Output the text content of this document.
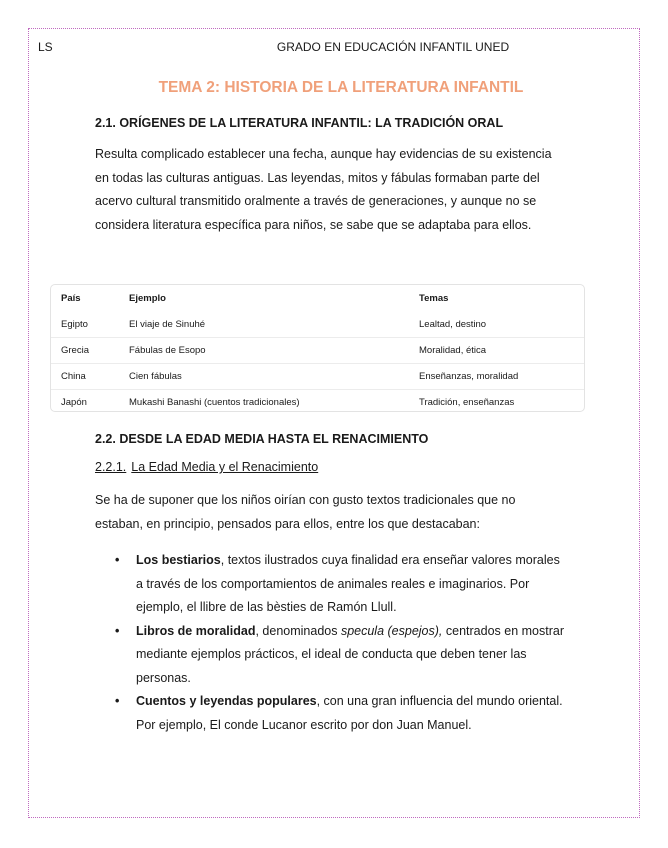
LS	GRADO EN EDUCACIÓN INFANTIL UNED
TEMA 2: HISTORIA DE LA LITERATURA INFANTIL
2.1. ORÍGENES DE LA LITERATURA INFANTIL: LA TRADICIÓN ORAL
Resulta complicado establecer una fecha, aunque hay evidencias de su existencia en todas las culturas antiguas. Las leyendas, mitos y fábulas formaban parte del acervo cultural transmitido oralmente a través de generaciones, y aunque no se considera literatura específica para niños, se sabe que se adaptaba para ellos.
País	Ejemplo	Temas
Egipto	El viaje de Sinuhé	Lealtad, destino
Grecia	Fábulas de Esopo	Moralidad, ética
China	Cien fábulas	Enseñanzas, moralidad
Japón	Mukashi Banashi (cuentos tradicionales)	Tradición, enseñanzas
2.2. DESDE LA EDAD MEDIA HASTA EL RENACIMIENTO
2.2.1. La Edad Media y el Renacimiento
Se ha de suponer que los niños oirían con gusto textos tradicionales que no estaban, en principio, pensados para ellos, entre los que destacaban:
• Los bestiarios, textos ilustrados cuya finalidad era enseñar valores morales a través de los comportamientos de animales reales e imaginarios. Por ejemplo, el llibre de las bèsties de Ramón Llull.
• Libros de moralidad, denominados specula (espejos), centrados en mostrar mediante ejemplos prácticos, el ideal de conducta que deben tener las personas.
• Cuentos y leyendas populares, con una gran influencia del mundo oriental. Por ejemplo, El conde Lucanor escrito por don Juan Manuel.
